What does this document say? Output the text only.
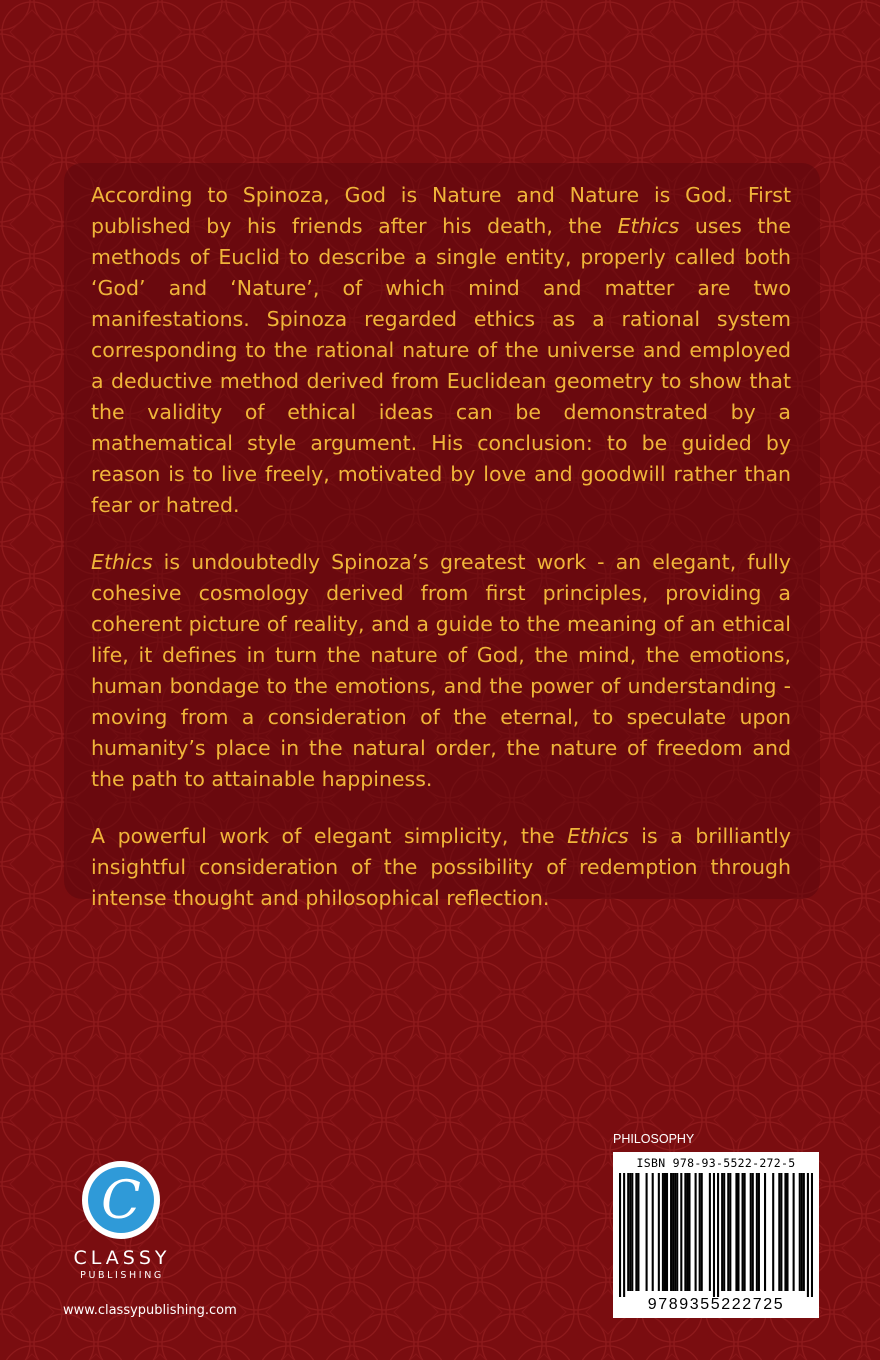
According to Spinoza, God is Nature and Nature is God. First published by his friends after his death, the Ethics uses the methods of Euclid to describe a single entity, properly called both ‘God’ and ‘Nature’, of which mind and matter are two manifestations. Spinoza regarded ethics as a rational system corresponding to the rational nature of the universe and employed a deductive method derived from Euclidean geometry to show that the validity of ethical ideas can be demonstrated by a mathematical style argument. His conclusion: to be guided by reason is to live freely, motivated by love and goodwill rather than fear or hatred.

Ethics is undoubtedly Spinoza’s greatest work - an elegant, fully cohesive cosmology derived from first principles, providing a coherent picture of reality, and a guide to the meaning of an ethical life, it defines in turn the nature of God, the mind, the emotions, human bondage to the emotions, and the power of understanding - moving from a consideration of the eternal, to speculate upon humanity’s place in the natural order, the nature of freedom and the path to attainable happiness.

A powerful work of elegant simplicity, the Ethics is a brilliantly insightful consideration of the possibility of redemption through intense thought and philosophical reflection.

C
CLASSY
PUBLISHING
www.classypublishing.com
PHILOSOPHY
ISBN 978-93-5522-272-5
9789355222725
